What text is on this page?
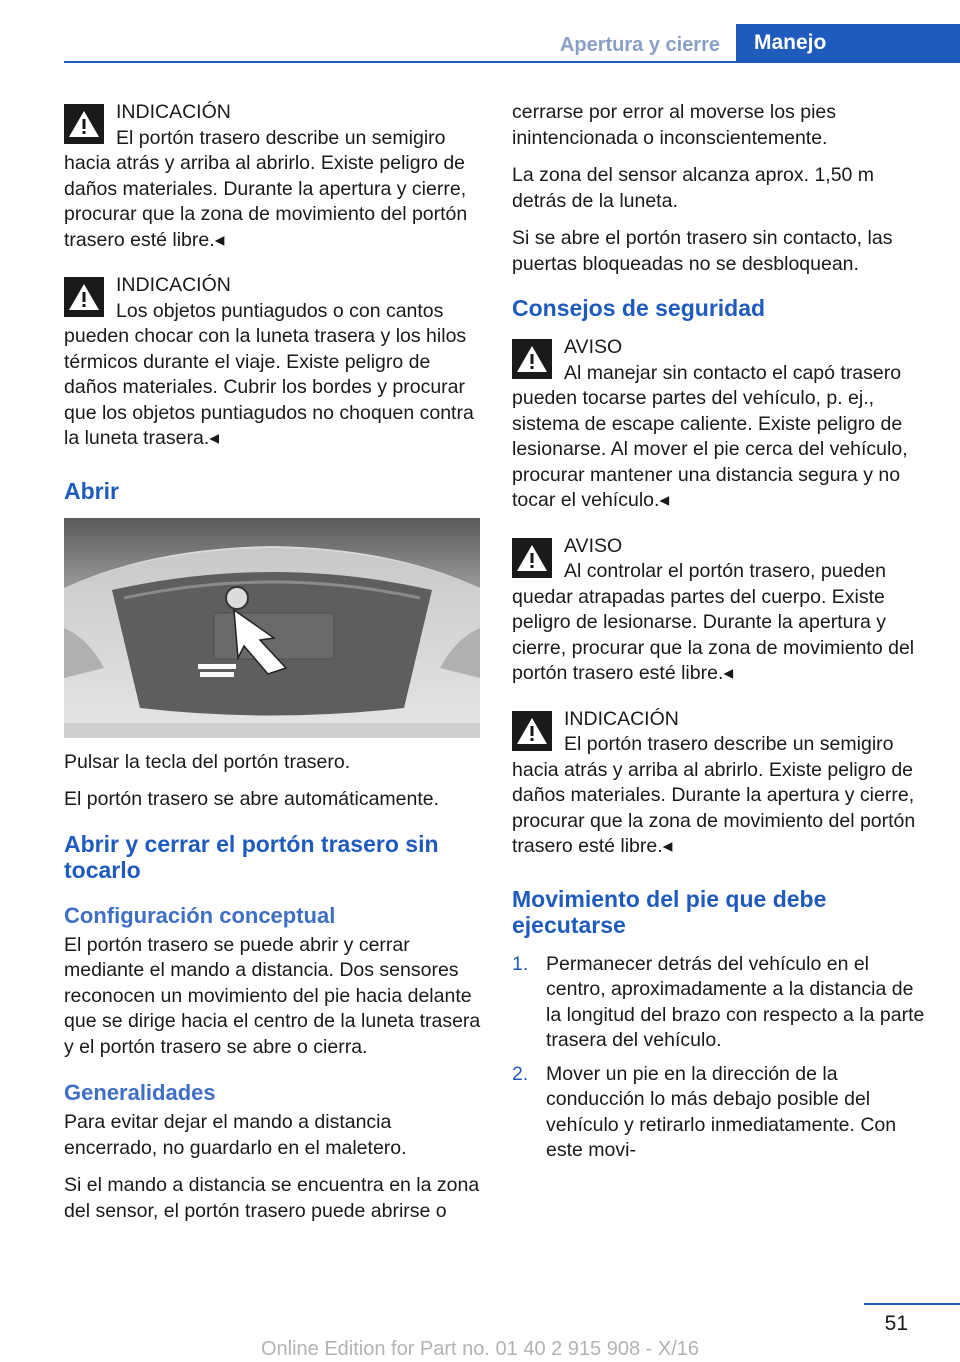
Apertura y cierre	Manejo
INDICACIÓN

El portón trasero describe un semigiro hacia atrás y arriba al abrirlo. Existe peligro de daños materiales. Durante la apertura y cierre, procurar que la zona de movimiento del portón trasero esté libre.◂

INDICACIÓN

Los objetos puntiagudos o con cantos pueden chocar con la luneta trasera y los hilos térmicos durante el viaje. Existe peligro de daños materiales. Cubrir los bordes y procurar que los objetos puntiagudos no choquen contra la luneta trasera.◂

Abrir

Pulsar la tecla del portón trasero.

El portón trasero se abre automáticamente.

Abrir y cerrar el portón trasero sin tocarlo
Configuración conceptual

El portón trasero se puede abrir y cerrar mediante el mando a distancia. Dos sensores reconocen un movimiento del pie hacia delante que se dirige hacia el centro de la luneta trasera y el portón trasero se abre o cierra.

Generalidades

Para evitar dejar el mando a distancia encerrado, no guardarlo en el maletero.

Si el mando a distancia se encuentra en la zona del sensor, el portón trasero puede abrirse o

cerrarse por error al moverse los pies inintencionada o inconscientemente.

La zona del sensor alcanza aprox. 1,50 m detrás de la luneta.

Si se abre el portón trasero sin contacto, las puertas bloqueadas no se desbloquean.

Consejos de seguridad
AVISO

Al manejar sin contacto el capó trasero pueden tocarse partes del vehículo, p. ej., sistema de escape caliente. Existe peligro de lesionarse. Al mover el pie cerca del vehículo, procurar mantener una distancia segura y no tocar el vehículo.◂

AVISO

Al controlar el portón trasero, pueden quedar atrapadas partes del cuerpo. Existe peligro de lesionarse. Durante la apertura y cierre, procurar que la zona de movimiento del portón trasero esté libre.◂

INDICACIÓN

El portón trasero describe un semigiro hacia atrás y arriba al abrirlo. Existe peligro de daños materiales. Durante la apertura y cierre, procurar que la zona de movimiento del portón trasero esté libre.◂

Movimiento del pie que debe ejecutarse
1. Permanecer detrás del vehículo en el centro, aproximadamente a la distancia de la longitud del brazo con respecto a la parte trasera del vehículo.
2. Mover un pie en la dirección de la conducción lo más debajo posible del vehículo y retirarlo inmediatamente. Con este movi-
51
Online Edition for Part no. 01 40 2 915 908 - X/16
